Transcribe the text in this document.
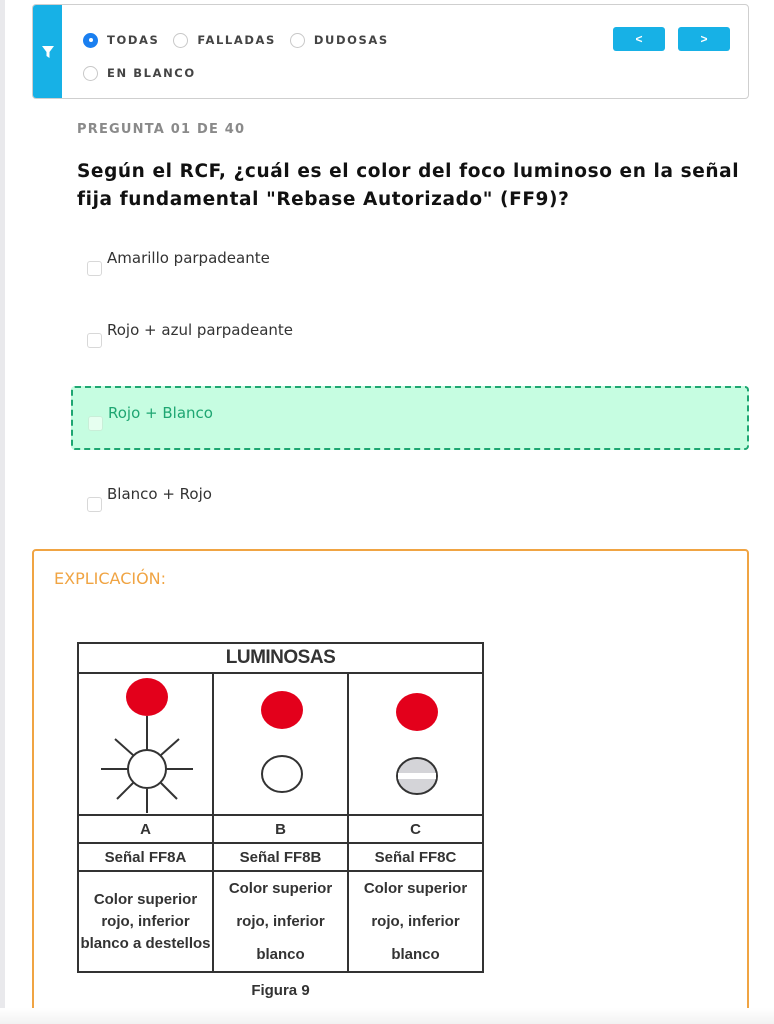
TODAS	FALLADAS	DUDOSAS
EN BLANCO
<	>
PREGUNTA 01 DE 40
Según el RCF, ¿cuál es el color del foco luminoso en la señal fija fundamental "Rebase Autorizado" (FF9)?
Amarillo parpadeante
Rojo + azul parpadeante
Rojo + Blanco
Blanco + Rojo
EXPLICACIÓN:
LUMINOSAS		

A	B	C
Señal FF8A	Señal FF8B	Señal FF8C
Color superior rojo, inferior blanco a destellos	Color superior rojo, inferior blanco	Color superior rojo, inferior blanco
Figura 9
